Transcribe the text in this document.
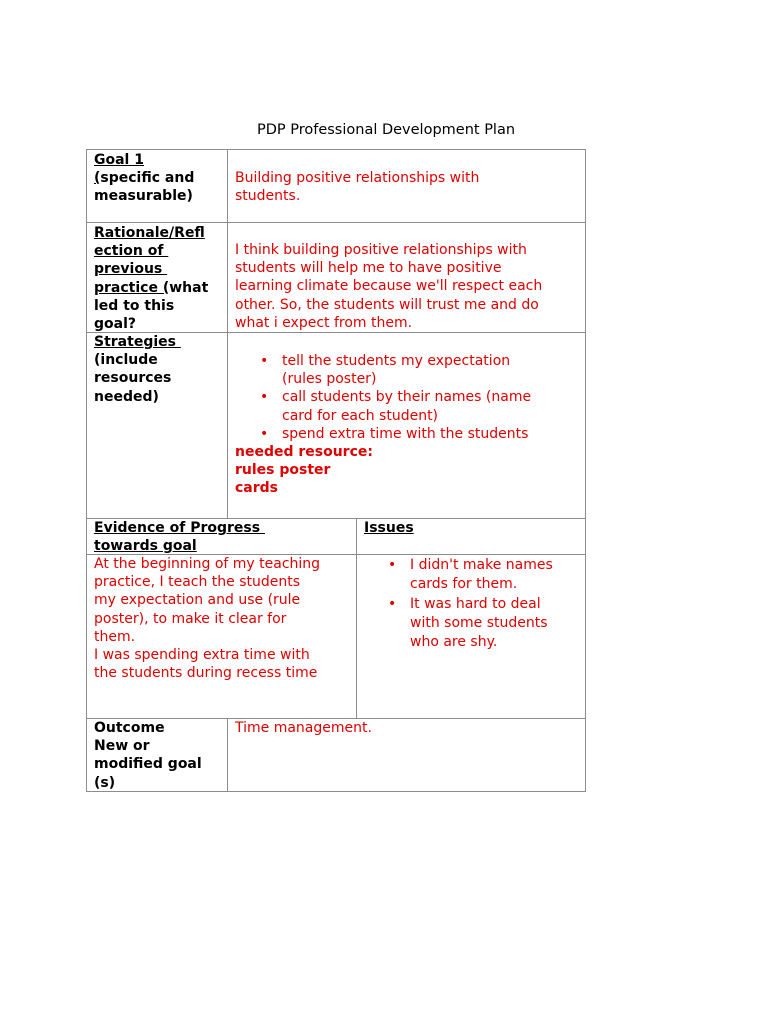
PDP Professional Development Plan
Goal 1
(specific and
measurable)
Building positive relationships with
students.
Rationale/Refl
ection of
previous
practice (what
led to this
goal?
I think building positive relationships with
students will help me to have positive
learning climate because we'll respect each
other. So, the students will trust me and do
what i expect from them.
Strategies
(include
resources
needed)
• tell the students my expectation
(rules poster)
• call students by their names (name
card for each student)
• spend extra time with the students
needed resource:
rules poster
cards
Evidence of Progress
towards goal
Issues
At the beginning of my teaching
practice, I teach the students
my expectation and use (rule
poster), to make it clear for
them.
I was spending extra time with
the students during recess time
• I didn't make names
cards for them.
• It was hard to deal
with some students
who are shy.
Outcome
New or
modified goal
(s)
Time management.
